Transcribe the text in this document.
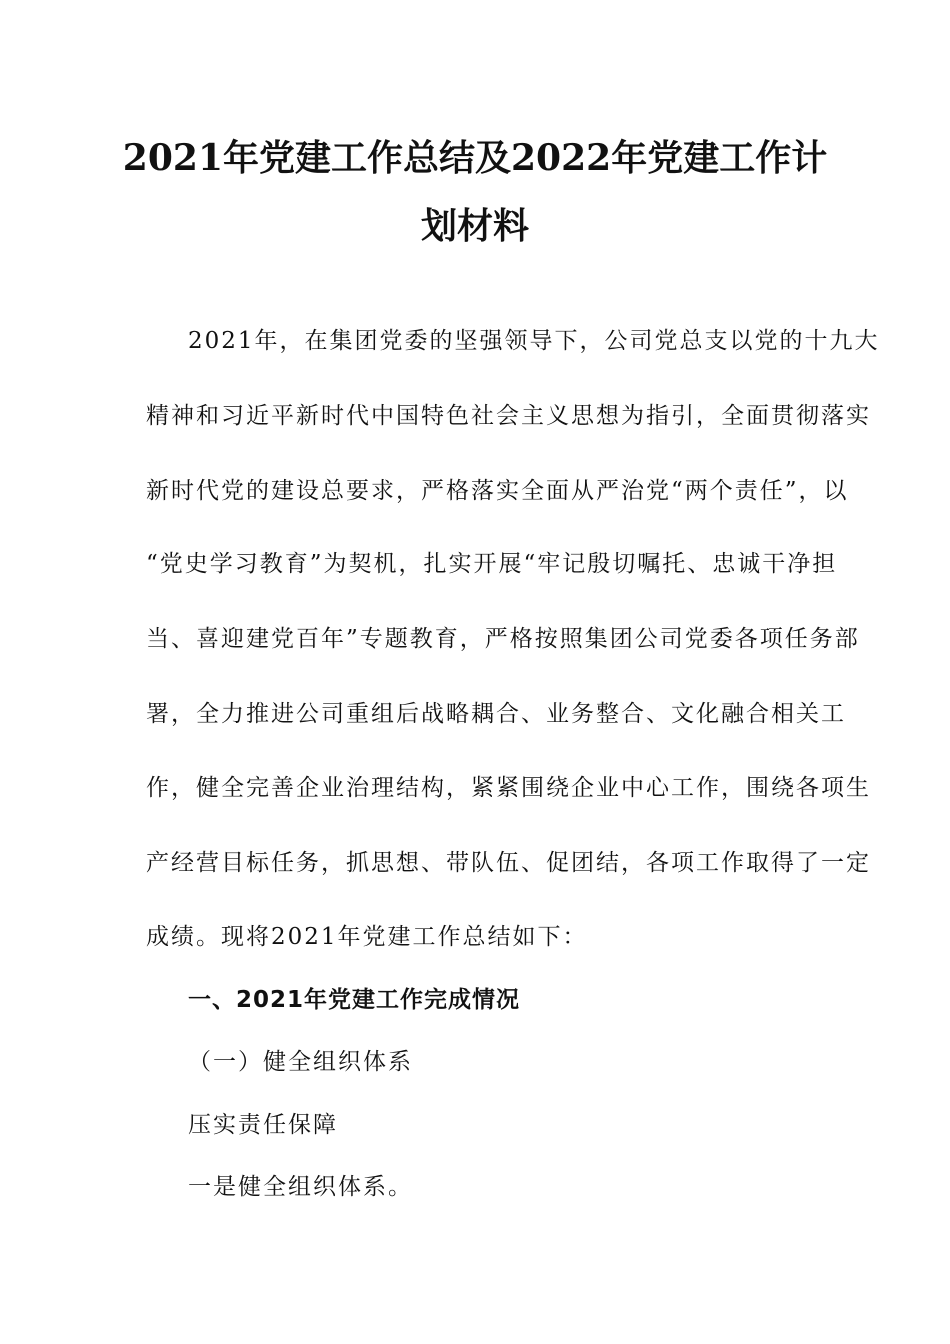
2021年党建工作总结及2022年党建工作计
划材料
2021年，在集团党委的坚强领导下，公司党总支以党的十九大
精神和习近平新时代中国特色社会主义思想为指引，全面贯彻落实
新时代党的建设总要求，严格落实全面从严治党“两个责任”，以
“党史学习教育”为契机，扎实开展“牢记殷切嘱托、忠诚干净担
当、喜迎建党百年”专题教育，严格按照集团公司党委各项任务部
署，全力推进公司重组后战略耦合、业务整合、文化融合相关工
作，健全完善企业治理结构，紧紧围绕企业中心工作，围绕各项生
产经营目标任务，抓思想、带队伍、促团结，各项工作取得了一定
成绩。现将2021年党建工作总结如下：
一、2021年党建工作完成情况
（一）健全组织体系
压实责任保障
一是健全组织体系。
